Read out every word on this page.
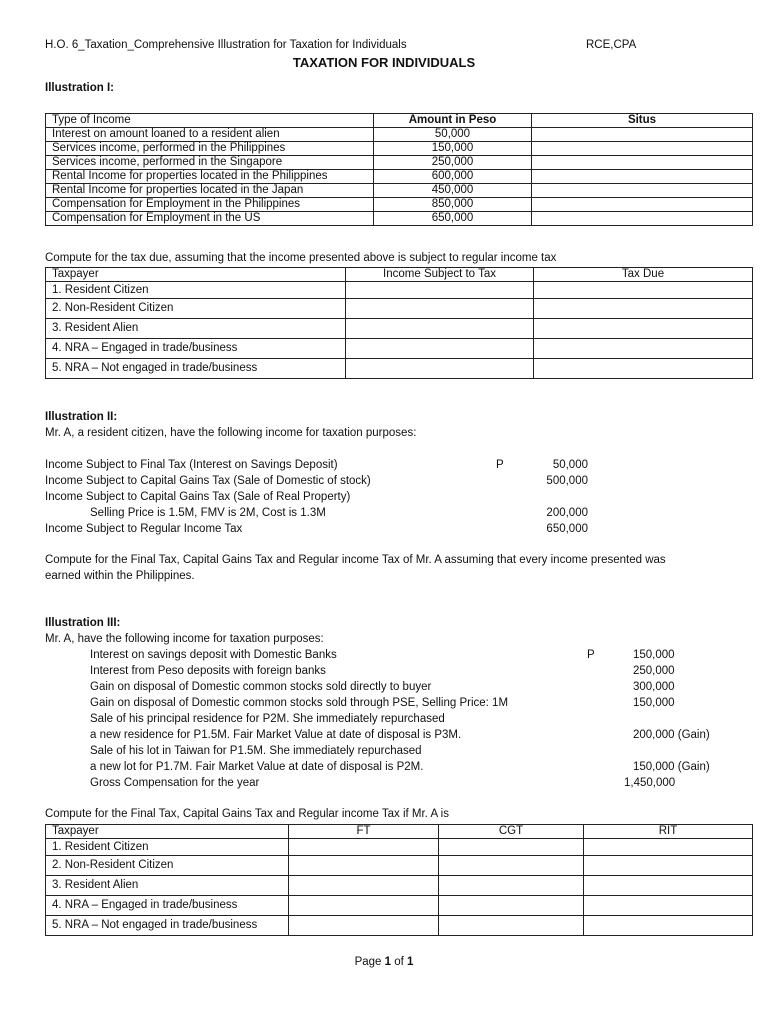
H.O. 6_Taxation_Comprehensive Illustration for Taxation for Individuals	RCE,CPA
TAXATION FOR INDIVIDUALS
Illustration I:
Type of Income	Amount in Peso	Situs
Interest on amount loaned to a resident alien	50,000	
Services income, performed in the Philippines	150,000	
Services income, performed in the Singapore	250,000	
Rental Income for properties located in the Philippines	600,000	
Rental Income for properties located in the Japan	450,000	
Compensation for Employment in the Philippines	850,000	
Compensation for Employment in the US	650,000	
Compute for the tax due, assuming that the income presented above is subject to regular income tax
Taxpayer	Income Subject to Tax	Tax Due
1. Resident Citizen		
2. Non-Resident Citizen		
3. Resident Alien		
4. NRA – Engaged in trade/business		
5. NRA – Not engaged in trade/business		
Illustration II:
Mr. A, a resident citizen, have the following income for taxation purposes:
Income Subject to Final Tax (Interest on Savings Deposit)	P	50,000
Income Subject to Capital Gains Tax (Sale of Domestic of stock)	500,000
Income Subject to Capital Gains Tax (Sale of Real Property)
Selling Price is 1.5M, FMV is 2M, Cost is 1.3M	200,000
Income Subject to Regular Income Tax	650,000
Compute for the Final Tax, Capital Gains Tax and Regular income Tax of Mr. A assuming that every income presented was
earned within the Philippines.
Illustration III:
Mr. A, have the following income for taxation purposes:
Interest on savings deposit with Domestic Banks	P	150,000
Interest from Peso deposits with foreign banks	250,000
Gain on disposal of Domestic common stocks sold directly to buyer	300,000
Gain on disposal of Domestic common stocks sold through PSE, Selling Price: 1M	150,000
Sale of his principal residence for P2M. She immediately repurchased
a new residence for P1.5M. Fair Market Value at date of disposal is P3M.	200,000 (Gain)
Sale of his lot in Taiwan for P1.5M. She immediately repurchased
a new lot for P1.7M. Fair Market Value at date of disposal is P2M.	150,000 (Gain)
Gross Compensation for the year	1,450,000
Compute for the Final Tax, Capital Gains Tax and Regular income Tax if Mr. A is
Taxpayer	FT	CGT	RIT
1. Resident Citizen			
2. Non-Resident Citizen			
3. Resident Alien			
4. NRA – Engaged in trade/business			
5. NRA – Not engaged in trade/business			
Page 1 of 1
